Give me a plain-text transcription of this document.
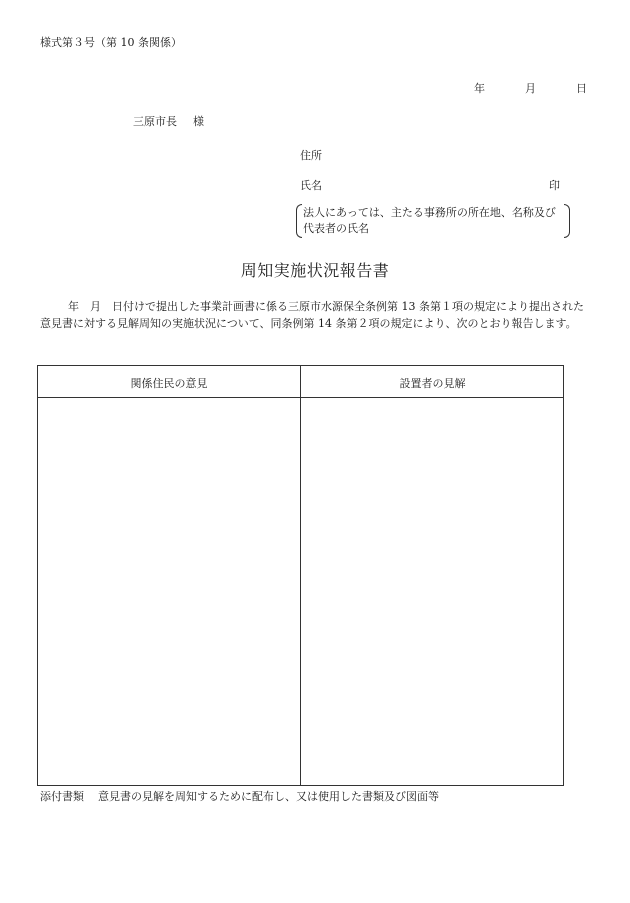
様式第３号（第 10 条関係）
年	月	日
三原市長 様
住所
氏名	印
法人にあっては、主たる事務所の所在地、名称及び代表者の氏名
周知実施状況報告書
年　月　日付けで提出した事業計画書に係る三原市水源保全条例第 13 条第１項の規定により提出された意見書に対する見解周知の実施状況について、同条例第 14 条第２項の規定により、次のとおり報告します。
関係住民の意見	設置者の見解
添付書類 意見書の見解を周知するために配布し、又は使用した書類及び図面等
